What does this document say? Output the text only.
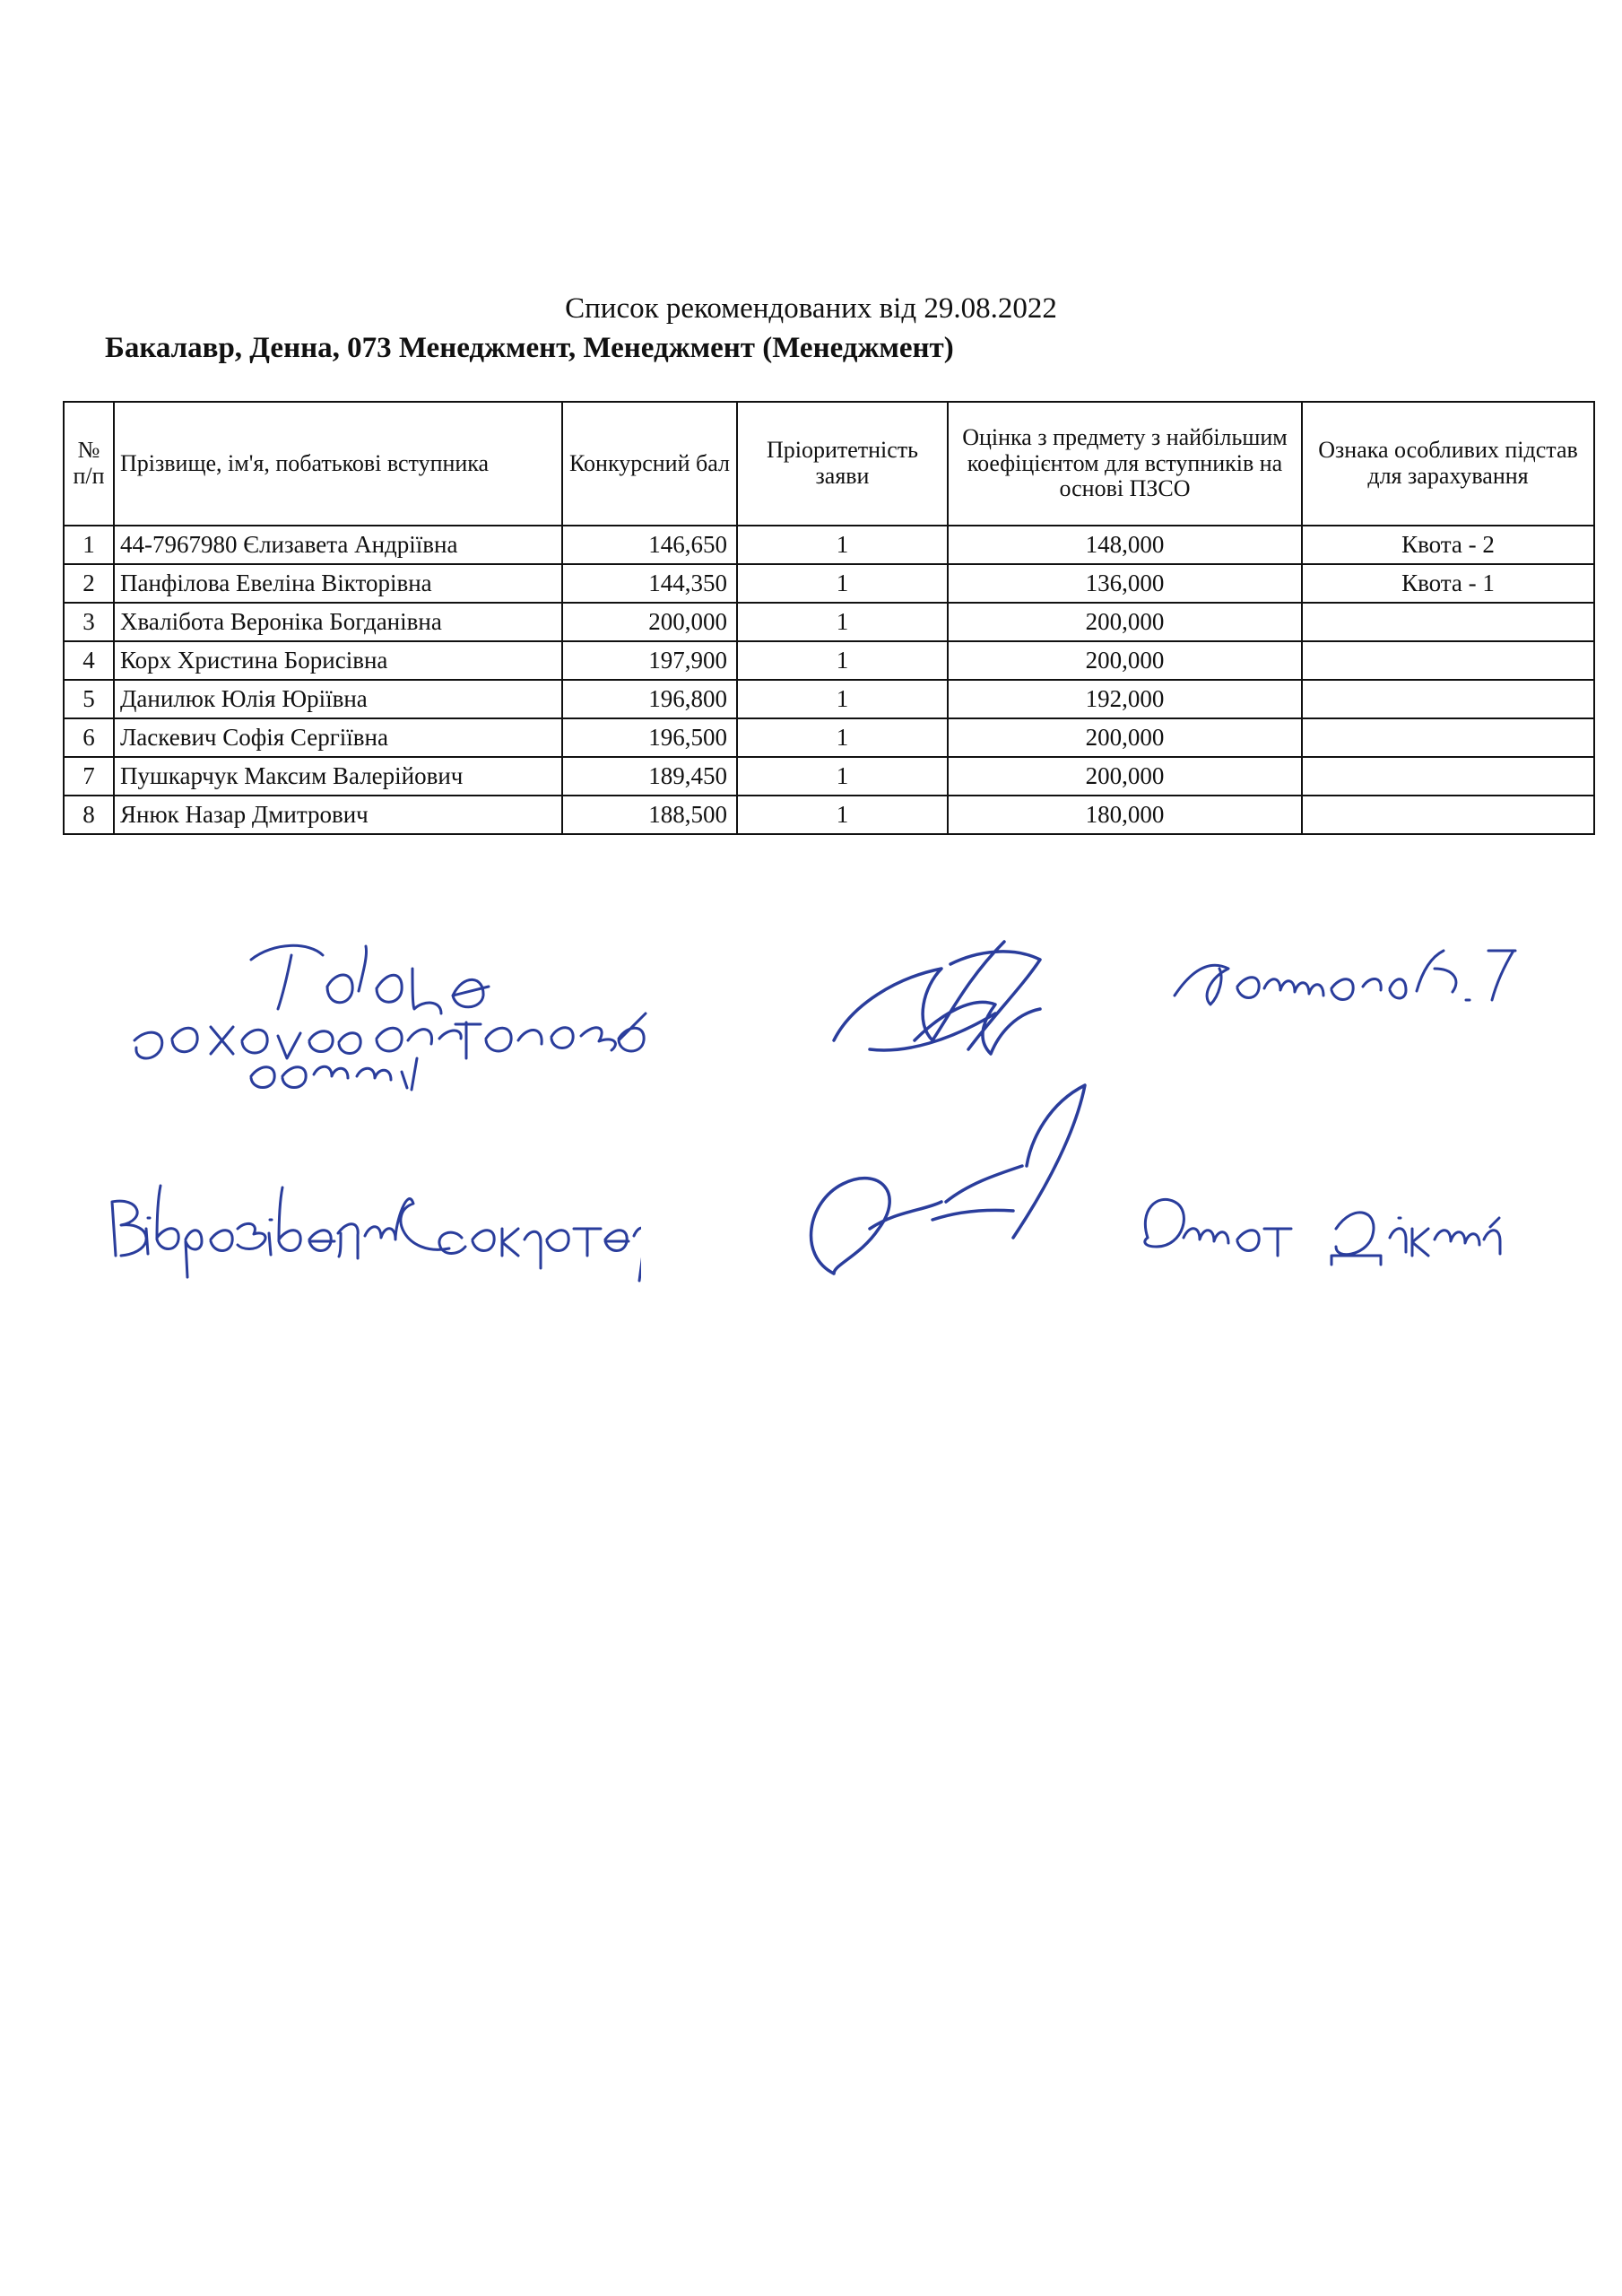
Список рекомендованих від 29.08.2022
Бакалавр, Денна, 073 Менеджмент, Менеджмент (Менеджмент)
№ п/п	Прізвище, ім'я, побатькові вступника	Конкурсний бал	Пріоритетність заяви	Оцінка з предмету з найбільшим коефіцієнтом для вступників на основі ПЗСО	Ознака особливих підстав для зарахування
1	44-7967980 Єлизавета Андріївна	146,650	1	148,000	Квота - 2
2	Панфілова Евеліна Вікторівна	144,350	1	136,000	Квота - 1
3	Хвалібота Вероніка Богданівна	200,000	1	200,000	
4	Корх Христина Борисівна	197,900	1	200,000	
5	Данилюк Юлія Юріївна	196,800	1	192,000	
6	Ласкевич Софія Сергіївна	196,500	1	200,000	
7	Пушкарчук Максим Валерійович	189,450	1	200,000	
8	Янюк Назар Дмитрович	188,500	1	180,000	
